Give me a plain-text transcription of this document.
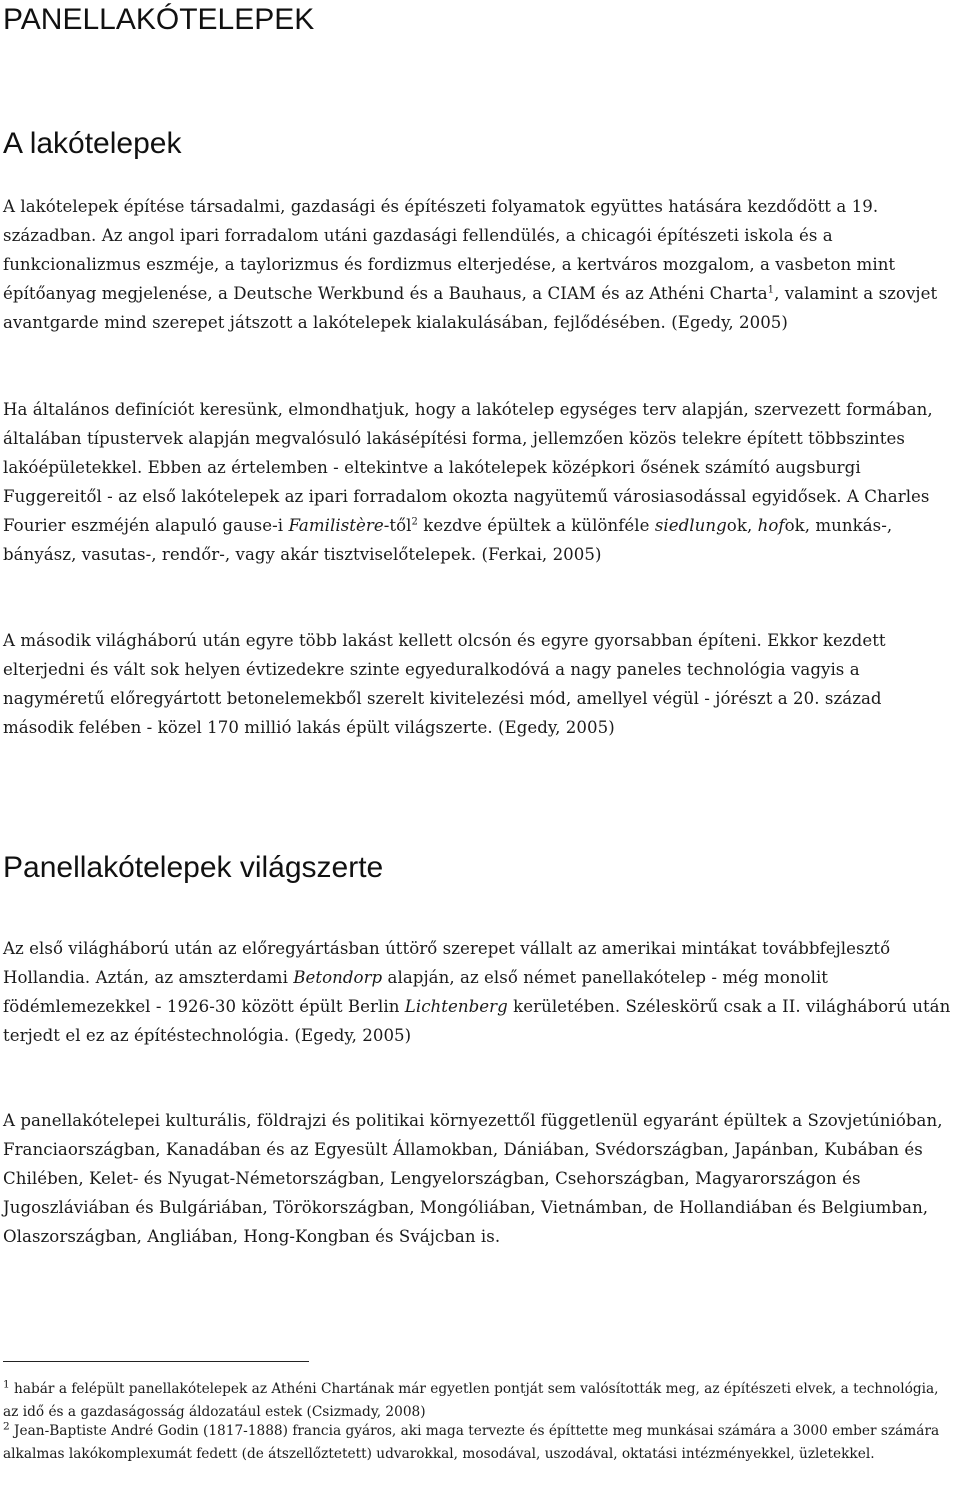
PANELLAKÓTELEPEK
A lakótelepek

A lakótelepek építése társadalmi, gazdasági és építészeti folyamatok együttes hatására kezdődött a 19. században. Az angol ipari forradalom utáni gazdasági fellendülés, a chicagói építészeti iskola és a funkcionalizmus eszméje, a taylorizmus és fordizmus elterjedése, a kertváros mozgalom, a vasbeton mint építőanyag megjelenése, a Deutsche Werkbund és a Bauhaus, a CIAM és az Athéni Charta$^1$, valamint a szovjet avantgarde mind szerepet játszott a lakótelepek kialakulásában, fejlődésében. (Egedy, 2005)

Ha általános definíciót keresünk, elmondhatjuk, hogy a lakótelep egységes terv alapján, szervezett formában, általában típustervek alapján megvalósuló lakásépítési forma, jellemzően közös telekre épített többszintes lakóépületekkel. Ebben az értelemben - eltekintve a lakótelepek középkori ősének számító augsburgi Fuggereitől - az első lakótelepek az ipari forradalom okozta nagyütemű városiasodással egyidősek. A Charles Fourier eszméjén alapuló gause-i Familistère-től$^2$ kezdve épültek a különféle siedlungok, hofok, munkás-, bányász, vasutas-, rendőr-, vagy akár tisztviselőtelepek. (Ferkai, 2005)

A második világháború után egyre több lakást kellett olcsón és egyre gyorsabban építeni. Ekkor kezdett elterjedni és vált sok helyen évtizedekre szinte egyeduralkodóvá a nagy paneles technológia vagyis a nagyméretű előregyártott betonelemekből szerelt kivitelezési mód, amellyel végül - jórészt a 20. század második felében - közel 170 millió lakás épült világszerte. (Egedy, 2005)

Panellakótelepek világszerte

Az első világháború után az előregyártásban úttörő szerepet vállalt az amerikai mintákat továbbfejlesztő Hollandia. Aztán, az amszterdami Betondorp alapján, az első német panellakótelep - még monolit födémlemezekkel - 1926-30 között épült Berlin Lichtenberg kerületében. Széleskörű csak a II. világháború után terjedt el ez az építéstechnológia. (Egedy, 2005)

A panellakótelepei kulturális, földrajzi és politikai környezettől függetlenül egyaránt épültek a Szovjetúnióban, Franciaországban, Kanadában és az Egyesült Államokban, Dániában, Svédországban, Japánban, Kubában és Chilében, Kelet- és Nyugat-Németországban, Lengyelországban, Csehországban, Magyarországon és Jugoszláviában és Bulgáriában, Törökországban, Mongóliában, Vietnámban, de Hollandiában és Belgiumban, Olaszországban, Angliában, Hong-Kongban és Svájcban is.

$^1$ habár a felépült panellakótelepek az Athéni Chartának már egyetlen pontját sem valósították meg, az építészeti elvek, a technológia, az idő és a gazdaságosság áldozatául estek (Csizmady, 2008)

$^2$ Jean-Baptiste André Godin (1817-1888) francia gyáros, aki maga tervezte és építtette meg munkásai számára a 3000 ember számára alkalmas lakókomplexumát fedett (de átszellőztetett) udvarokkal, mosodával, uszodával, oktatási intézményekkel, üzletekkel.
